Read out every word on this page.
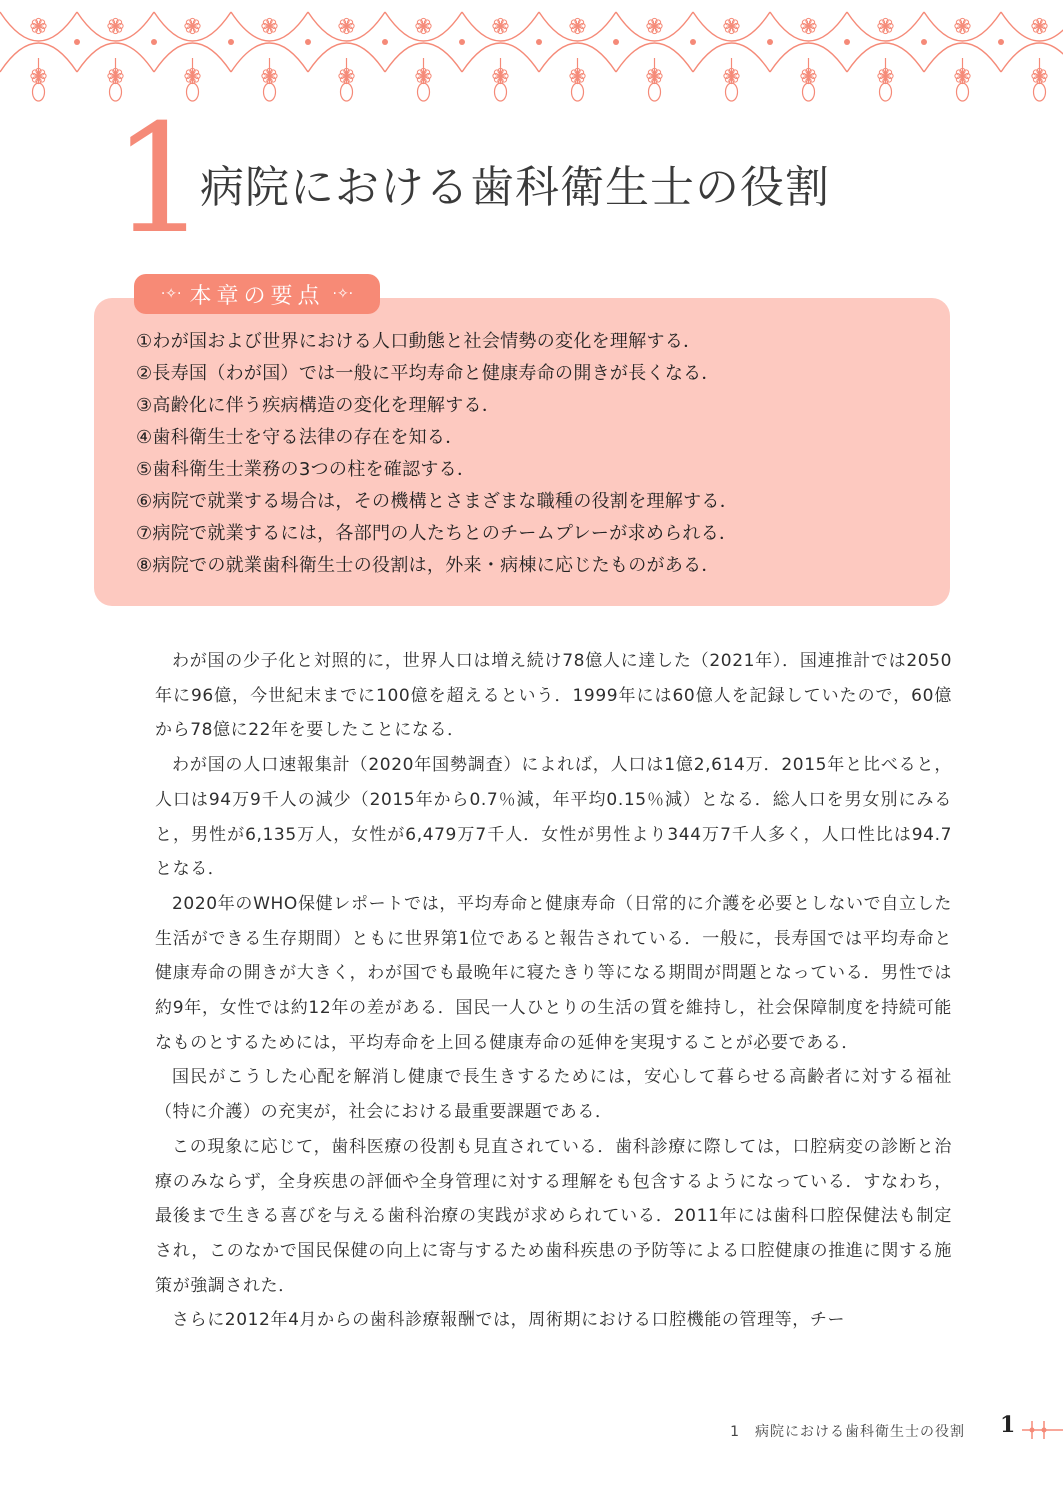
1
病院における歯科衛生士の役割
·✧· 本章の要点 ·✧·
①わが国および世界における人口動態と社会情勢の変化を理解する．
②長寿国（わが国）では一般に平均寿命と健康寿命の開きが長くなる．
③高齢化に伴う疾病構造の変化を理解する．
④歯科衛生士を守る法律の存在を知る．
⑤歯科衛生士業務の3つの柱を確認する．
⑥病院で就業する場合は，その機構とさまざまな職種の役割を理解する．
⑦病院で就業するには，各部門の人たちとのチームプレーが求められる．
⑧病院での就業歯科衛生士の役割は，外来・病棟に応じたものがある．

わが国の少子化と対照的に，世界人口は増え続け78億人に達した（2021年）．国連推計では2050年に96億，今世紀末までに100億を超えるという．1999年には60億人を記録していたので，60億から78億に22年を要したことになる．

わが国の人口速報集計（2020年国勢調査）によれば，人口は1億2,614万．2015年と比べると，人口は94万9千人の減少（2015年から0.7％減，年平均0.15％減）となる．総人口を男女別にみると，男性が6,135万人，女性が6,479万7千人．女性が男性より344万7千人多く，人口性比は94.7となる．

2020年のWHO保健レポートでは，平均寿命と健康寿命（日常的に介護を必要としないで自立した生活ができる生存期間）ともに世界第1位であると報告されている．一般に，長寿国では平均寿命と健康寿命の開きが大きく，わが国でも最晩年に寝たきり等になる期間が問題となっている．男性では約9年，女性では約12年の差がある．国民一人ひとりの生活の質を維持し，社会保障制度を持続可能なものとするためには，平均寿命を上回る健康寿命の延伸を実現することが必要である．

国民がこうした心配を解消し健康で長生きするためには，安心して暮らせる高齢者に対する福祉（特に介護）の充実が，社会における最重要課題である．

この現象に応じて，歯科医療の役割も見直されている．歯科診療に際しては，口腔病変の診断と治療のみならず，全身疾患の評価や全身管理に対する理解をも包含するようになっている．すなわち，最後まで生きる喜びを与える歯科治療の実践が求められている．2011年には歯科口腔保健法も制定され，このなかで国民保健の向上に寄与するため歯科疾患の予防等による口腔健康の推進に関する施策が強調された．

さらに2012年4月からの歯科診療報酬では，周術期における口腔機能の管理等，チー

1　病院における歯科衛生士の役割 1
